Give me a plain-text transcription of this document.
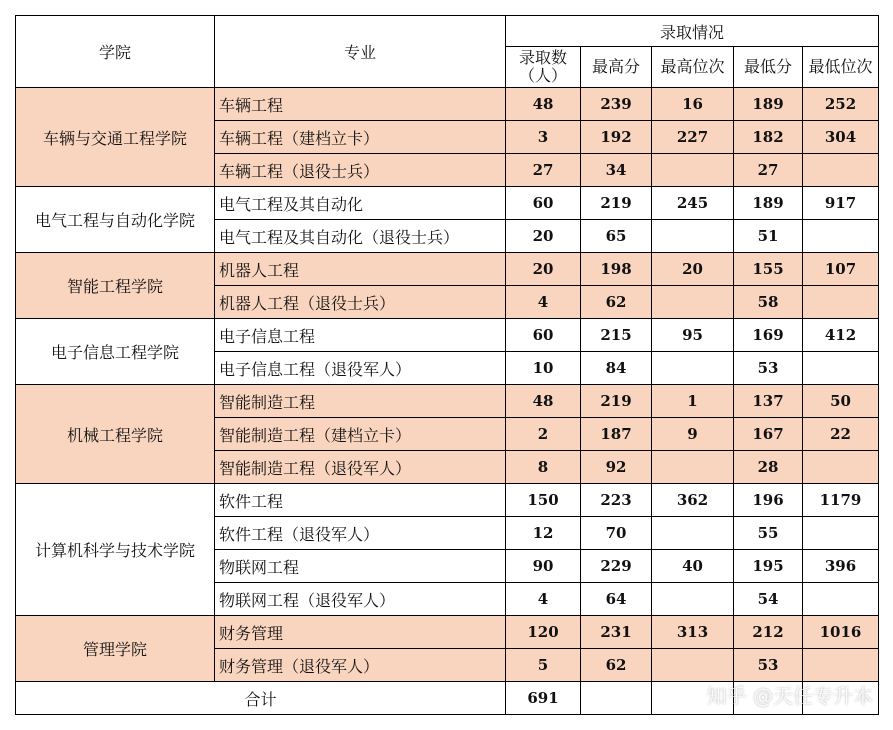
学院	专业	录取情况				
		录取数（人）	最高分	最高位次	最低分	最低位次
车辆与交通工程学院	车辆工程	48	239	16	189	252
	车辆工程（建档立卡）	3	192	227	182	304
	车辆工程（退役士兵）	27	34		27	
电气工程与自动化学院	电气工程及其自动化	60	219	245	189	917
	电气工程及其自动化（退役士兵）	20	65		51	
智能工程学院	机器人工程	20	198	20	155	107
	机器人工程（退役士兵）	4	62		58	
电子信息工程学院	电子信息工程	60	215	95	169	412
	电子信息工程（退役军人）	10	84		53	
机械工程学院	智能制造工程	48	219	1	137	50
	智能制造工程（建档立卡）	2	187	9	167	22
	智能制造工程（退役军人）	8	92		28	
计算机科学与技术学院	软件工程	150	223	362	196	1179
	软件工程（退役军人）	12	70		55	
	物联网工程	90	229	40	195	396
	物联网工程（退役军人）	4	64		54	
管理学院	财务管理	120	231	313	212	1016
	财务管理（退役军人）	5	62		53	
合计		691					知乎 @天任专升本
